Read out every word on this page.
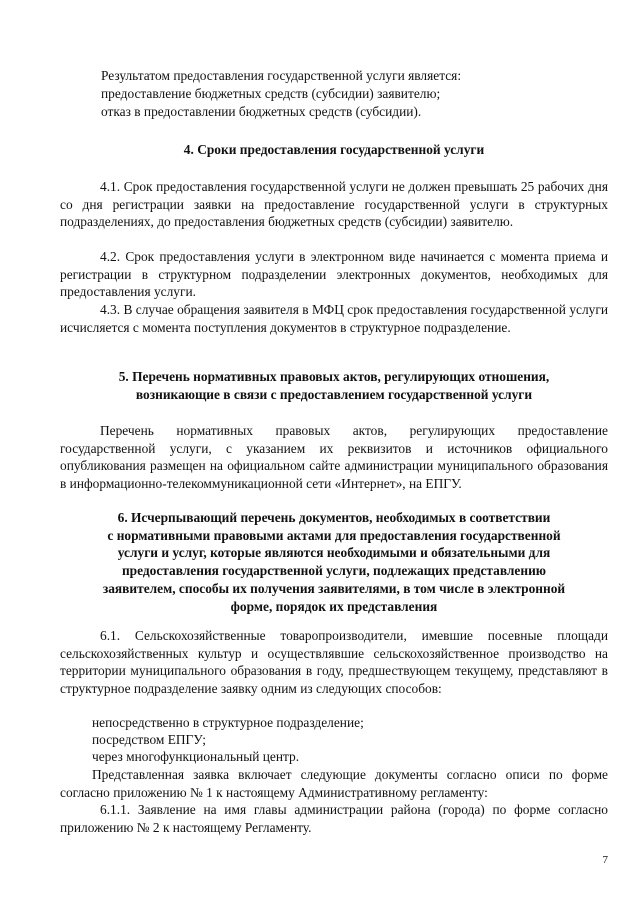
Результатом предоставления государственной услуги является:
предоставление бюджетных средств (субсидии) заявителю;
отказ в предоставлении бюджетных средств (субсидии).
4. Сроки предоставления государственной услуги

4.1. Срок предоставления государственной услуги не должен превышать 25 рабочих дня со дня регистрации заявки на предоставление государственной услуги в структурных подразделениях, до предоставления бюджетных средств (субсидии) заявителю.

4.2. Срок предоставления услуги в электронном виде начинается с момента приема и регистрации в структурном подразделении электронных документов, необходимых для предоставления услуги.

4.3. В случае обращения заявителя в МФЦ срок предоставления государственной услуги исчисляется с момента поступления документов в структурное подразделение.

5. Перечень нормативных правовых актов, регулирующих отношения,
возникающие в связи с предоставлением государственной услуги

Перечень нормативных правовых актов, регулирующих предоставление государственной услуги, с указанием их реквизитов и источников официального опубликования размещен на официальном сайте администрации муниципального образования в информационно-телекоммуникационной сети «Интернет», на ЕПГУ.

6. Исчерпывающий перечень документов, необходимых в соответствии
с нормативными правовыми актами для предоставления государственной
услуги и услуг, которые являются необходимыми и обязательными для
предоставления государственной услуги, подлежащих представлению
заявителем, способы их получения заявителями, в том числе в электронной
форме, порядок их представления

6.1. Сельскохозяйственные товаропроизводители, имевшие посевные площади сельскохозяйственных культур и осуществлявшие сельскохозяйственное производство на территории муниципального образования в году, предшествующем текущему, представляют в структурное подразделение заявку одним из следующих способов:

непосредственно в структурное подразделение;
посредством ЕПГУ;
через многофункциональный центр.

Представленная заявка включает следующие документы согласно описи по форме согласно приложению № 1 к настоящему Административному регламенту:

6.1.1. Заявление на имя главы администрации района (города) по форме согласно приложению № 2 к настоящему Регламенту.

7
